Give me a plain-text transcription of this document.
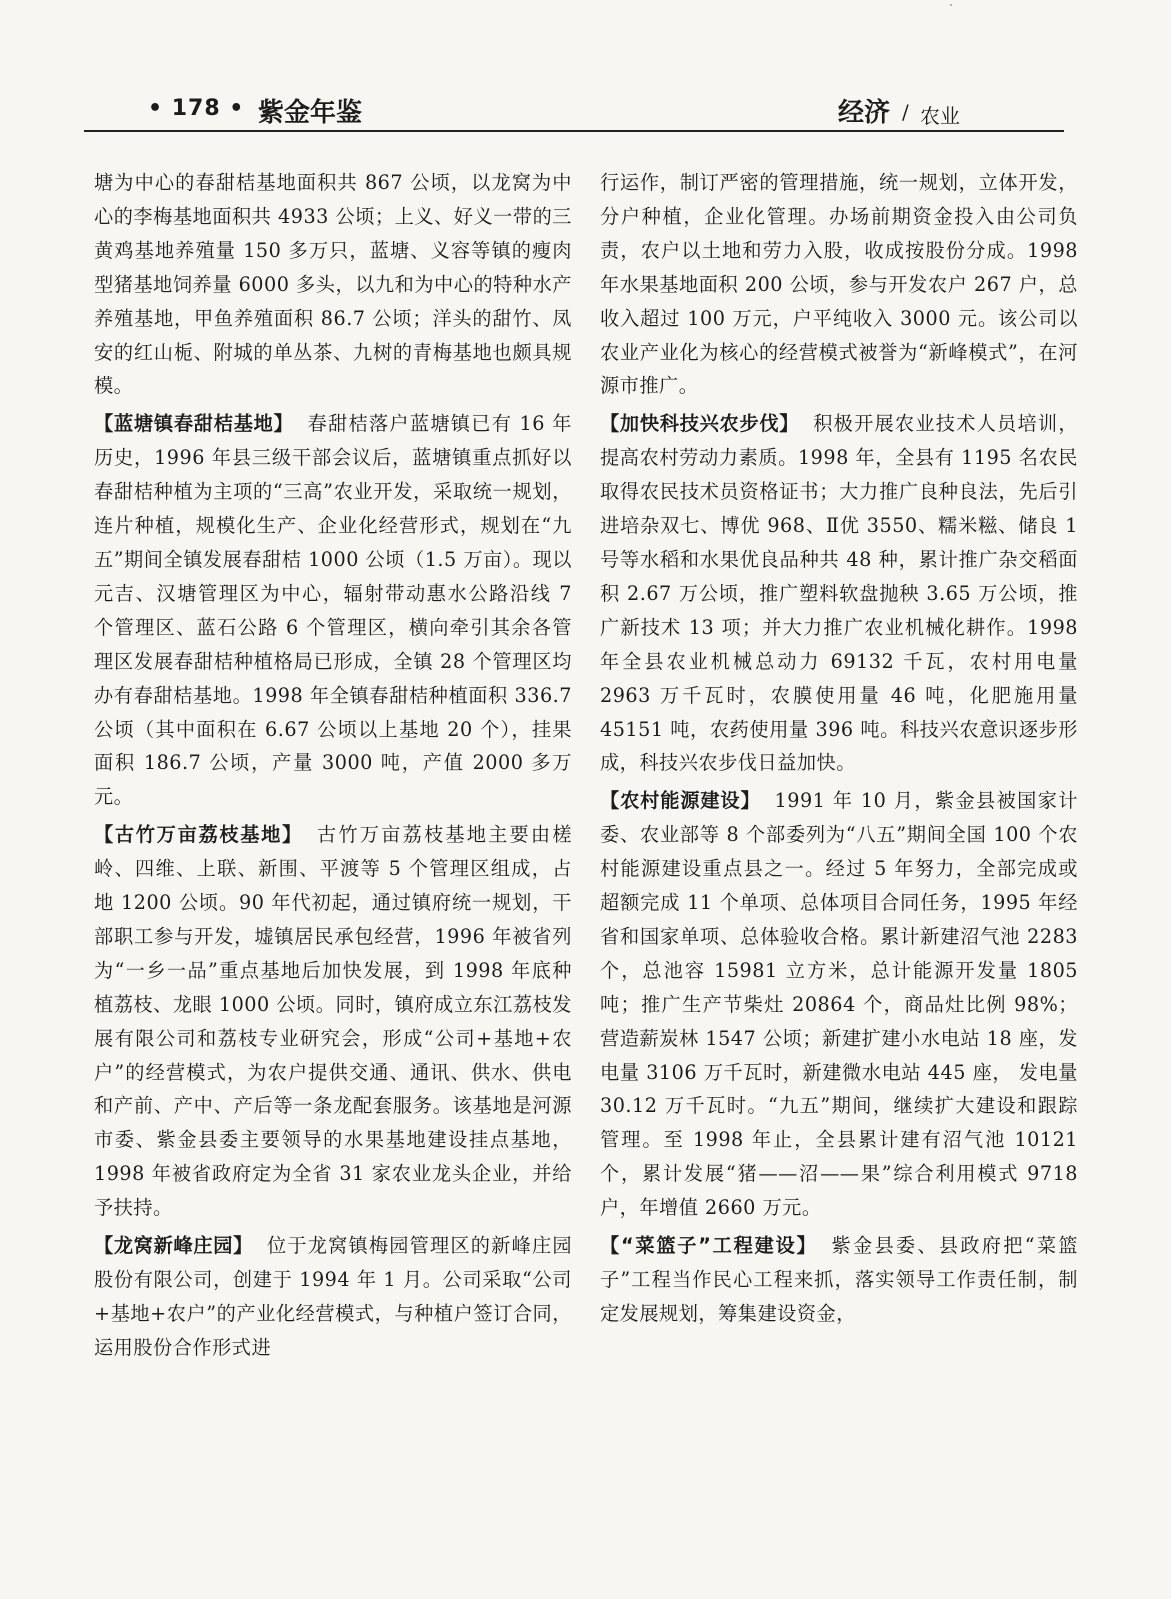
• 178 • 紫金年鉴	经济 / 农业

塘为中心的春甜桔基地面积共 867 公顷，以龙窝为中心的李梅基地面积共 4933 公顷；上义、好义一带的三黄鸡基地养殖量 150 多万只，蓝塘、义容等镇的瘦肉型猪基地饲养量 6000 多头，以九和为中心的特种水产养殖基地，甲鱼养殖面积 86.7 公顷；洋头的甜竹、凤安的红山栀、附城的单丛茶、九树的青梅基地也颇具规模。

【蓝塘镇春甜桔基地】 春甜桔落户蓝塘镇已有 16 年历史，1996 年县三级干部会议后，蓝塘镇重点抓好以春甜桔种植为主项的“三高”农业开发，采取统一规划，连片种植，规模化生产、企业化经营形式，规划在“九五”期间全镇发展春甜桔 1000 公顷（1.5 万亩）。现以元吉、汉塘管理区为中心，辐射带动惠水公路沿线 7 个管理区、蓝石公路 6 个管理区，横向牵引其余各管理区发展春甜桔种植格局已形成，全镇 28 个管理区均办有春甜桔基地。1998 年全镇春甜桔种植面积 336.7 公顷（其中面积在 6.67 公顷以上基地 20 个），挂果面积 186.7 公顷，产量 3000 吨，产值 2000 多万元。

【古竹万亩荔枝基地】 古竹万亩荔枝基地主要由槎岭、四维、上联、新围、平渡等 5 个管理区组成，占地 1200 公顷。90 年代初起，通过镇府统一规划，干部职工参与开发，墟镇居民承包经营，1996 年被省列为“一乡一品”重点基地后加快发展，到 1998 年底种植荔枝、龙眼 1000 公顷。同时，镇府成立东江荔枝发展有限公司和荔枝专业研究会，形成“公司+基地+农户”的经营模式，为农户提供交通、通讯、供水、供电和产前、产中、产后等一条龙配套服务。该基地是河源市委、紫金县委主要领导的水果基地建设挂点基地，1998 年被省政府定为全省 31 家农业龙头企业，并给予扶持。

【龙窝新峰庄园】 位于龙窝镇梅园管理区的新峰庄园股份有限公司，创建于 1994 年 1 月。公司采取“公司+基地+农户”的产业化经营模式，与种植户签订合同，运用股份合作形式进

行运作，制订严密的管理措施，统一规划，立体开发，分户种植，企业化管理。办场前期资金投入由公司负责，农户以土地和劳力入股，收成按股份分成。1998 年水果基地面积 200 公顷，参与开发农户 267 户，总收入超过 100 万元，户平纯收入 3000 元。该公司以农业产业化为核心的经营模式被誉为“新峰模式”，在河源市推广。

【加快科技兴农步伐】 积极开展农业技术人员培训，提高农村劳动力素质。1998 年，全县有 1195 名农民取得农民技术员资格证书；大力推广良种良法，先后引进培杂双七、博优 968、Ⅱ优 3550、糯米糍、储良 1 号等水稻和水果优良品种共 48 种，累计推广杂交稻面积 2.67 万公顷，推广塑料软盘抛秧 3.65 万公顷，推广新技术 13 项；并大力推广农业机械化耕作。1998 年全县农业机械总动力 69132 千瓦，农村用电量 2963 万千瓦时，农膜使用量 46 吨，化肥施用量 45151 吨，农药使用量 396 吨。科技兴农意识逐步形成，科技兴农步伐日益加快。

【农村能源建设】 1991 年 10 月，紫金县被国家计委、农业部等 8 个部委列为“八五”期间全国 100 个农村能源建设重点县之一。经过 5 年努力，全部完成或超额完成 11 个单项、总体项目合同任务，1995 年经省和国家单项、总体验收合格。累计新建沼气池 2283 个，总池容 15981 立方米，总计能源开发量 1805 吨；推广生产节柴灶 20864 个，商品灶比例 98%；营造薪炭林 1547 公顷；新建扩建小水电站 18 座，发电量 3106 万千瓦时，新建微水电站 445 座， 发电量 30.12 万千瓦时。“九五”期间，继续扩大建设和跟踪管理。至 1998 年止，全县累计建有沼气池 10121 个，累计发展“猪——沼——果”综合利用模式 9718 户，年增值 2660 万元。

【“菜篮子”工程建设】 紫金县委、县政府把“菜篮子”工程当作民心工程来抓，落实领导工作责任制，制定发展规划，筹集建设资金，
